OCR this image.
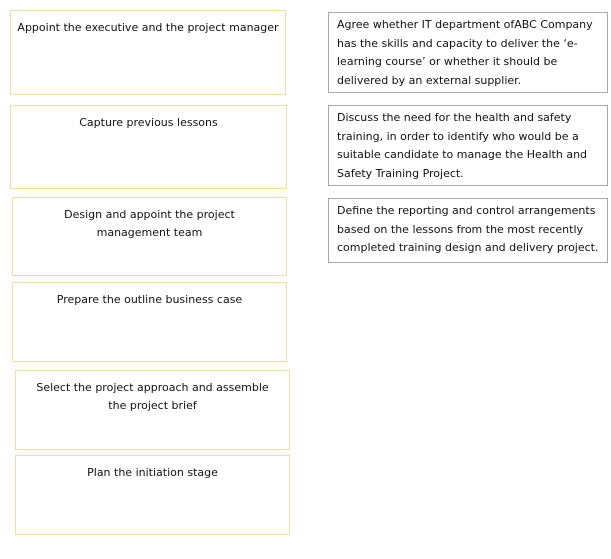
Appoint the executive and the project manager
Capture previous lessons
Design and appoint the project management team
Prepare the outline business case
Select the project approach and assemble the project brief
Plan the initiation stage
Agree whether IT department ofABC Company has the skills and capacity to deliver the ‘e-learning course’ or whether it should be delivered by an external supplier.
Discuss the need for the health and safety training, in order to identify who would be a suitable candidate to manage the Health and Safety Training Project.
Define the reporting and control arrangements based on the lessons from the most recently completed training design and delivery project.
